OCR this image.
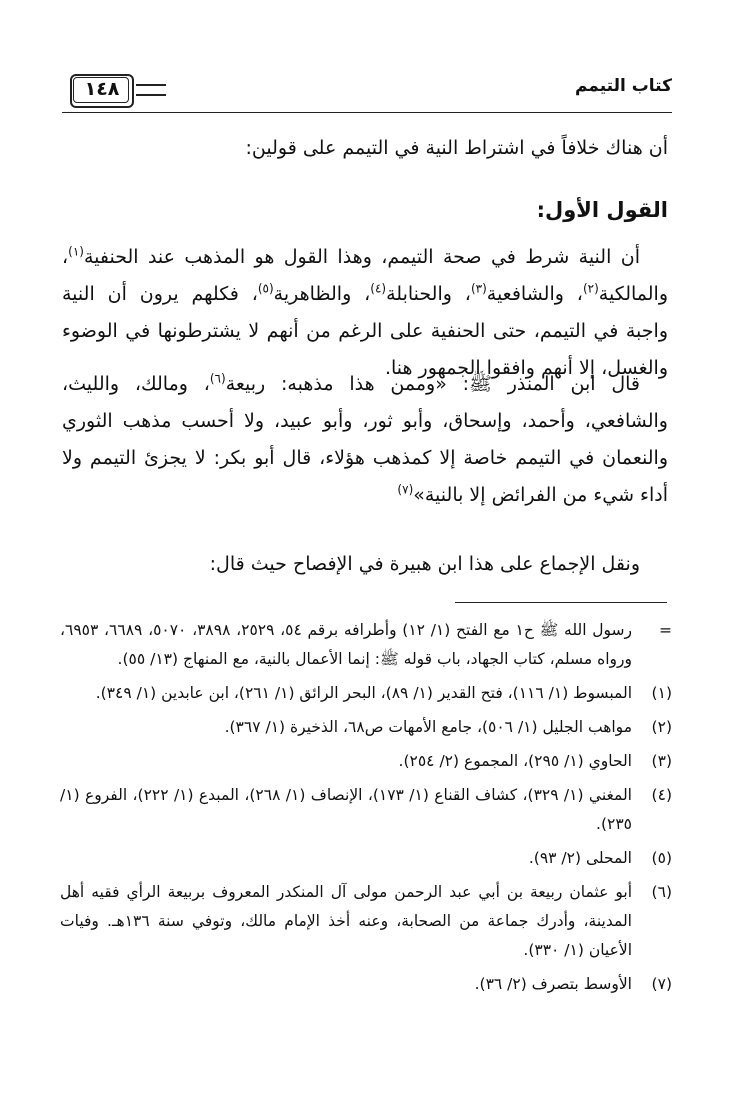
١٤٨	كتاب التيمم

أن هناك خلافاً في اشتراط النية في التيمم على قولين:

القول الأول:

أن النية شرط في صحة التيمم، وهذا القول هو المذهب عند الحنفية$^{(١)}$، والمالكية$^{(٢)}$، والشافعية$^{(٣)}$، والحنابلة$^{(٤)}$، والظاهرية$^{(٥)}$، فكلهم يرون أن النية واجبة في التيمم، حتى الحنفية على الرغم من أنهم لا يشترطونها في الوضوء والغسل، إلا أنهم وافقوا الجمهور هنا.

قال ابن المنذر ﷺ: «وممن هذا مذهبه: ربيعة$^{(٦)}$، ومالك، والليث، والشافعي، وأحمد، وإسحاق، وأبو ثور، وأبو عبيد، ولا أحسب مذهب الثوري والنعمان في التيمم خاصة إلا كمذهب هؤلاء، قال أبو بكر: لا يجزئ التيمم ولا أداء شيء من الفرائض إلا بالنية»$^{(٧)}$

ونقل الإجماع على هذا ابن هبيرة في الإفصاح حيث قال:

=
رسول الله ﷺ ح١ مع الفتح (١/ ١٢) وأطرافه برقم ٥٤، ٢٥٢٩، ٣٨٩٨، ٥٠٧٠، ٦٦٨٩، ٦٩٥٣، ورواه مسلم، كتاب الجهاد، باب قوله ﷺ: إنما الأعمال بالنية، مع المنهاج (١٣/ ٥٥).
(١)
المبسوط (١/ ١١٦)، فتح القدير (١/ ٨٩)، البحر الرائق (١/ ٢٦١)، ابن عابدين (١/ ٣٤٩).
(٢)
مواهب الجليل (١/ ٥٠٦)، جامع الأمهات ص٦٨، الذخيرة (١/ ٣٦٧).
(٣)
الحاوي (١/ ٢٩٥)، المجموع (٢/ ٢٥٤).
(٤)
المغني (١/ ٣٢٩)، كشاف القناع (١/ ١٧٣)، الإنصاف (١/ ٢٦٨)، المبدع (١/ ٢٢٢)، الفروع (١/ ٢٣٥).
(٥)
المحلى (٢/ ٩٣).
(٦)
أبو عثمان ربيعة بن أبي عبد الرحمن مولى آل المنكدر المعروف بربيعة الرأي فقيه أهل المدينة، وأدرك جماعة من الصحابة، وعنه أخذ الإمام مالك، وتوفي سنة ١٣٦هـ. وفيات الأعيان (١/ ٣٣٠).
(٧)
الأوسط بتصرف (٢/ ٣٦).
